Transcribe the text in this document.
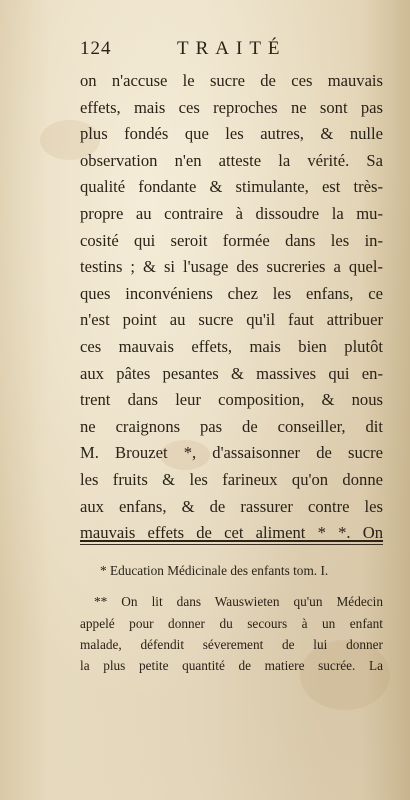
124	TRAITÉ
on n'accuse le sucre de ces mauvais
effets, mais ces reproches ne sont pas
plus fondés que les autres, & nulle
observation n'en atteste la vérité. Sa
qualité fondante & stimulante, est très-
propre au contraire à dissoudre la mu-
cosité qui seroit formée dans les in-
testins ; & si l'usage des sucreries a quel-
ques inconvéniens chez les enfans, ce
n'est point au sucre qu'il faut attribuer
ces mauvais effets, mais bien plutôt
aux pâtes pesantes & massives qui en-
trent dans leur composition, & nous
ne craignons pas de conseiller, dit
M. Brouzet *, d'assaisonner de sucre
les fruits & les farineux qu'on donne
aux enfans, & de rassurer contre les
mauvais effets de cet aliment * *. On
* Education Médicinale des enfants tom. I.
** On lit dans Wauswieten qu'un Médecin
appelé pour donner du secours à un enfant
malade, défendit séverement de lui donner
la plus petite quantité de matiere sucrée. La
